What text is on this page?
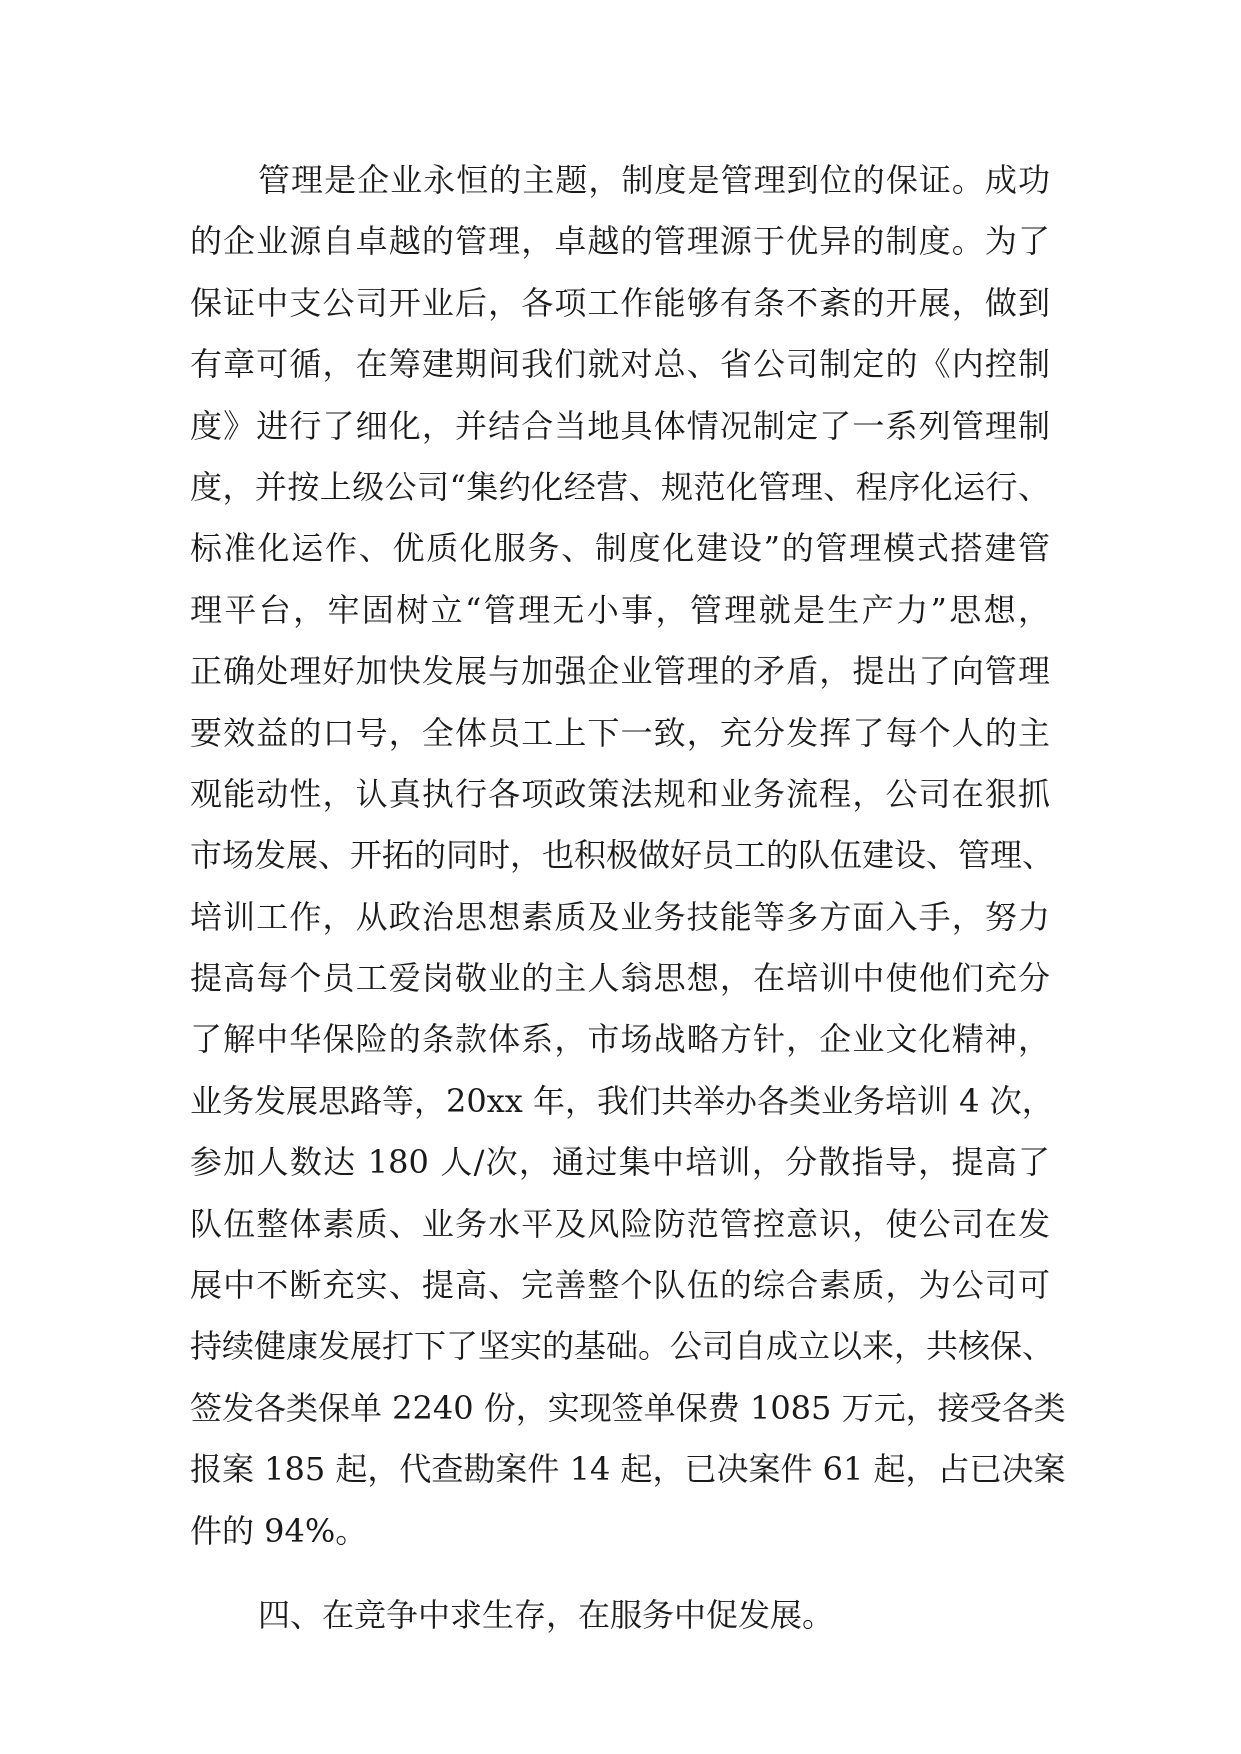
管理是企业永恒的主题，制度是管理到位的保证。成功
的企业源自卓越的管理，卓越的管理源于优异的制度。为了
保证中支公司开业后，各项工作能够有条不紊的开展，做到
有章可循，在筹建期间我们就对总、省公司制定的《内控制
度》进行了细化，并结合当地具体情况制定了一系列管理制
度，并按上级公司“集约化经营、规范化管理、程序化运行、
标准化运作、优质化服务、制度化建设”的管理模式搭建管
理平台，牢固树立“管理无小事，管理就是生产力”思想，
正确处理好加快发展与加强企业管理的矛盾，提出了向管理
要效益的口号，全体员工上下一致，充分发挥了每个人的主
观能动性，认真执行各项政策法规和业务流程，公司在狠抓
市场发展、开拓的同时，也积极做好员工的队伍建设、管理、
培训工作，从政治思想素质及业务技能等多方面入手，努力
提高每个员工爱岗敬业的主人翁思想，在培训中使他们充分
了解中华保险的条款体系，市场战略方针，企业文化精神，
业务发展思路等，20xx 年，我们共举办各类业务培训 4 次，
参加人数达 180 人/次，通过集中培训，分散指导，提高了
队伍整体素质、业务水平及风险防范管控意识，使公司在发
展中不断充实、提高、完善整个队伍的综合素质，为公司可
持续健康发展打下了坚实的基础。公司自成立以来，共核保、
签发各类保单 2240 份，实现签单保费 1085 万元，接受各类
报案 185 起，代查勘案件 14 起，已决案件 61 起，占已决案
件的 94%。
四、在竞争中求生存，在服务中促发展。
